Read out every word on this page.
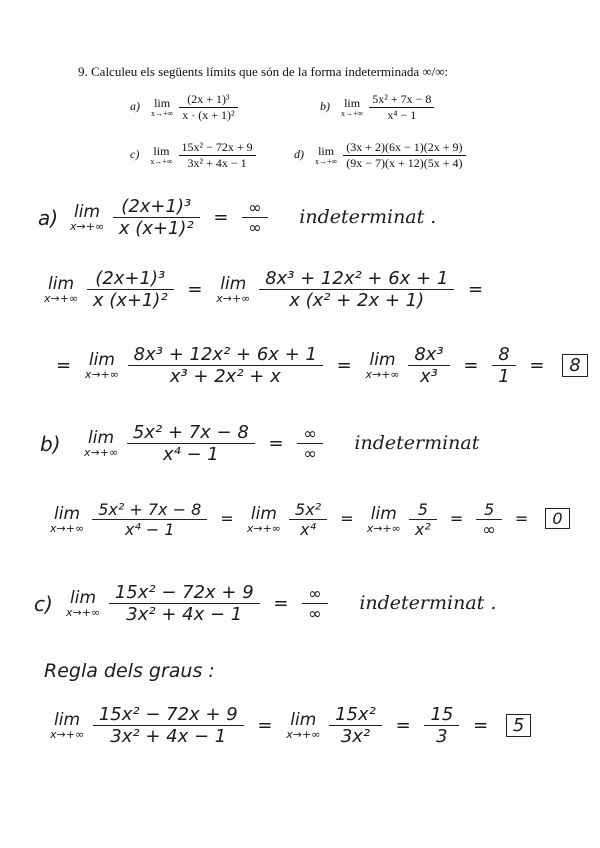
9. Calculeu els següents límits que són de la forma indeterminada ∞/∞:
a) lim
x→+∞
$\frac{\text{(2x + 1)³}}{\text{x · (x + 1)²}}$	b) lim
x→+∞
$\frac{\text{5x² + 7x − 8}}{\text{x⁴ − 1}}$
c) lim
x→+∞
$\frac{\text{15x² − 72x + 9}}{\text{3x² + 4x − 1}}$	d) lim
x→+∞
$\frac{(3x + 2)(6x - 1)(2x + 9)}{(9x - 7)(x + 12)(5x + 4)}$
a) lim
x→+∞
$\frac{\text{(2x+1)³}}{\text{x (x+1)²}} = \frac{\infty}{\infty}$ indeterminat .
lim
x→+∞
$\frac{\text{(2x+1)³}}{\text{x (x+1)²}} = \lim$
x→+∞
$\frac{\text{8x³ + 12x² + 6x + 1}}{\text{x (x² + 2x + 1)}}$ =
= lim
x→+∞
$\frac{\text{8x³ + 12x² + 6x + 1}}{\text{x³ + 2x² + x}} = \lim$
x→+∞
$\frac{\text{8x³}}{\text{x³}} = \frac{8}{1} = 8$
b) lim
x→+∞
$\frac{\text{5x² + 7x − 8}}{\text{x⁴ − 1}} = \frac{\infty}{\infty}$ indeterminat
lim
x→+∞
$\frac{\text{5x² + 7x − 8}}{\text{x⁴ − 1}} = \lim$
x→+∞
$\frac{\text{5x²}}{\text{x⁴}} = \lim$
x→+∞
$\frac{5}{\text{x²}} = \frac{5}{\infty} = 0$
c) lim
x→+∞
$\frac{\text{15x² − 72x + 9}}{\text{3x² + 4x − 1}} = \frac{\infty}{\infty}$ indeterminat .
Regla dels graus :
lim
x→+∞
$\frac{\text{15x² − 72x + 9}}{\text{3x² + 4x − 1}} = \lim$
x→+∞
$\frac{\text{15x²}}{\text{3x²}} = \frac{15}{3} = 5$
